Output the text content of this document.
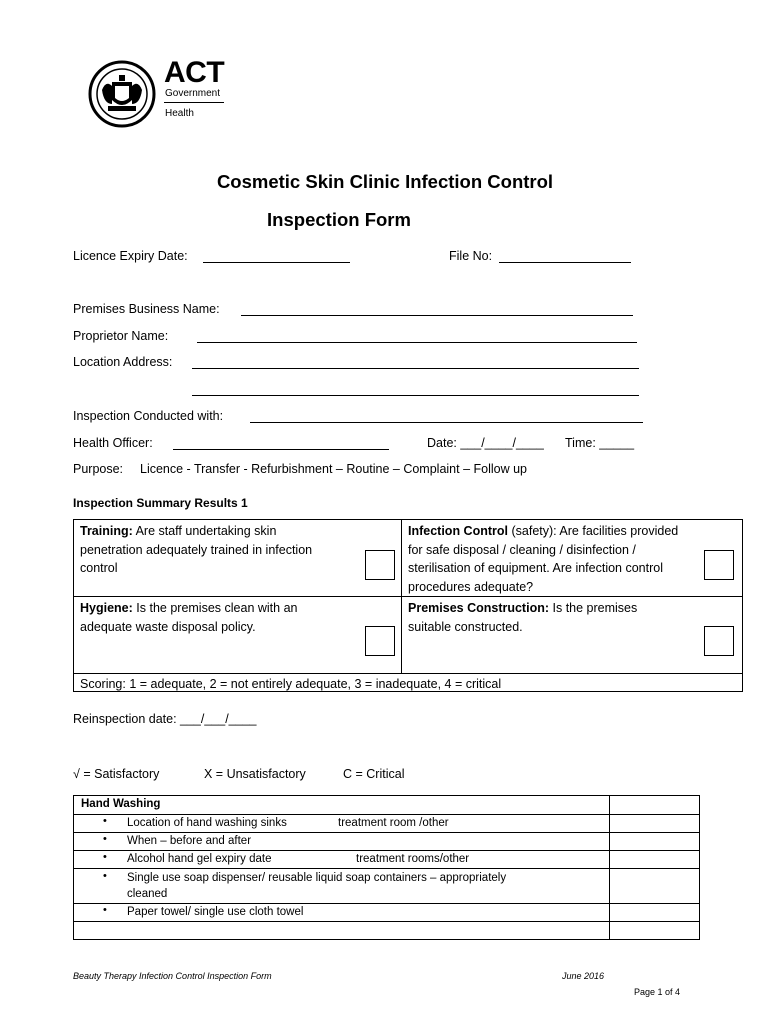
ACT
Government
Health
Cosmetic Skin Clinic Infection Control
Inspection Form
Licence Expiry Date:	File No:
Premises Business Name:
Proprietor Name:
Location Address:
Inspection Conducted with:
Health Officer:	Date: ___/____/____ Time: _____
Purpose: Licence - Transfer - Refurbishment – Routine – Complaint – Follow up
Inspection Summary Results 1
Training: Are staff undertaking skin penetration adequately trained in infection control
Infection Control (safety): Are facilities provided for safe disposal / cleaning / disinfection / sterilisation of equipment. Are infection control procedures adequate?
Hygiene: Is the premises clean with an adequate waste disposal policy.
Premises Construction: Is the premises suitable constructed.
Scoring: 1 = adequate, 2 = not entirely adequate, 3 = inadequate, 4 = critical
Reinspection date: ___/___/____
√ = Satisfactory	X = Unsatisfactory	C = Critical
Hand Washing
• Location of hand washing sinks	treatment room /other
• When – before and after
• Alcohol hand gel expiry date	treatment rooms/other
• Single use soap dispenser/ reusable liquid soap containers – appropriately
cleaned
• Paper towel/ single use cloth towel
Beauty Therapy Infection Control Inspection Form	June 2016
Page 1 of 4
